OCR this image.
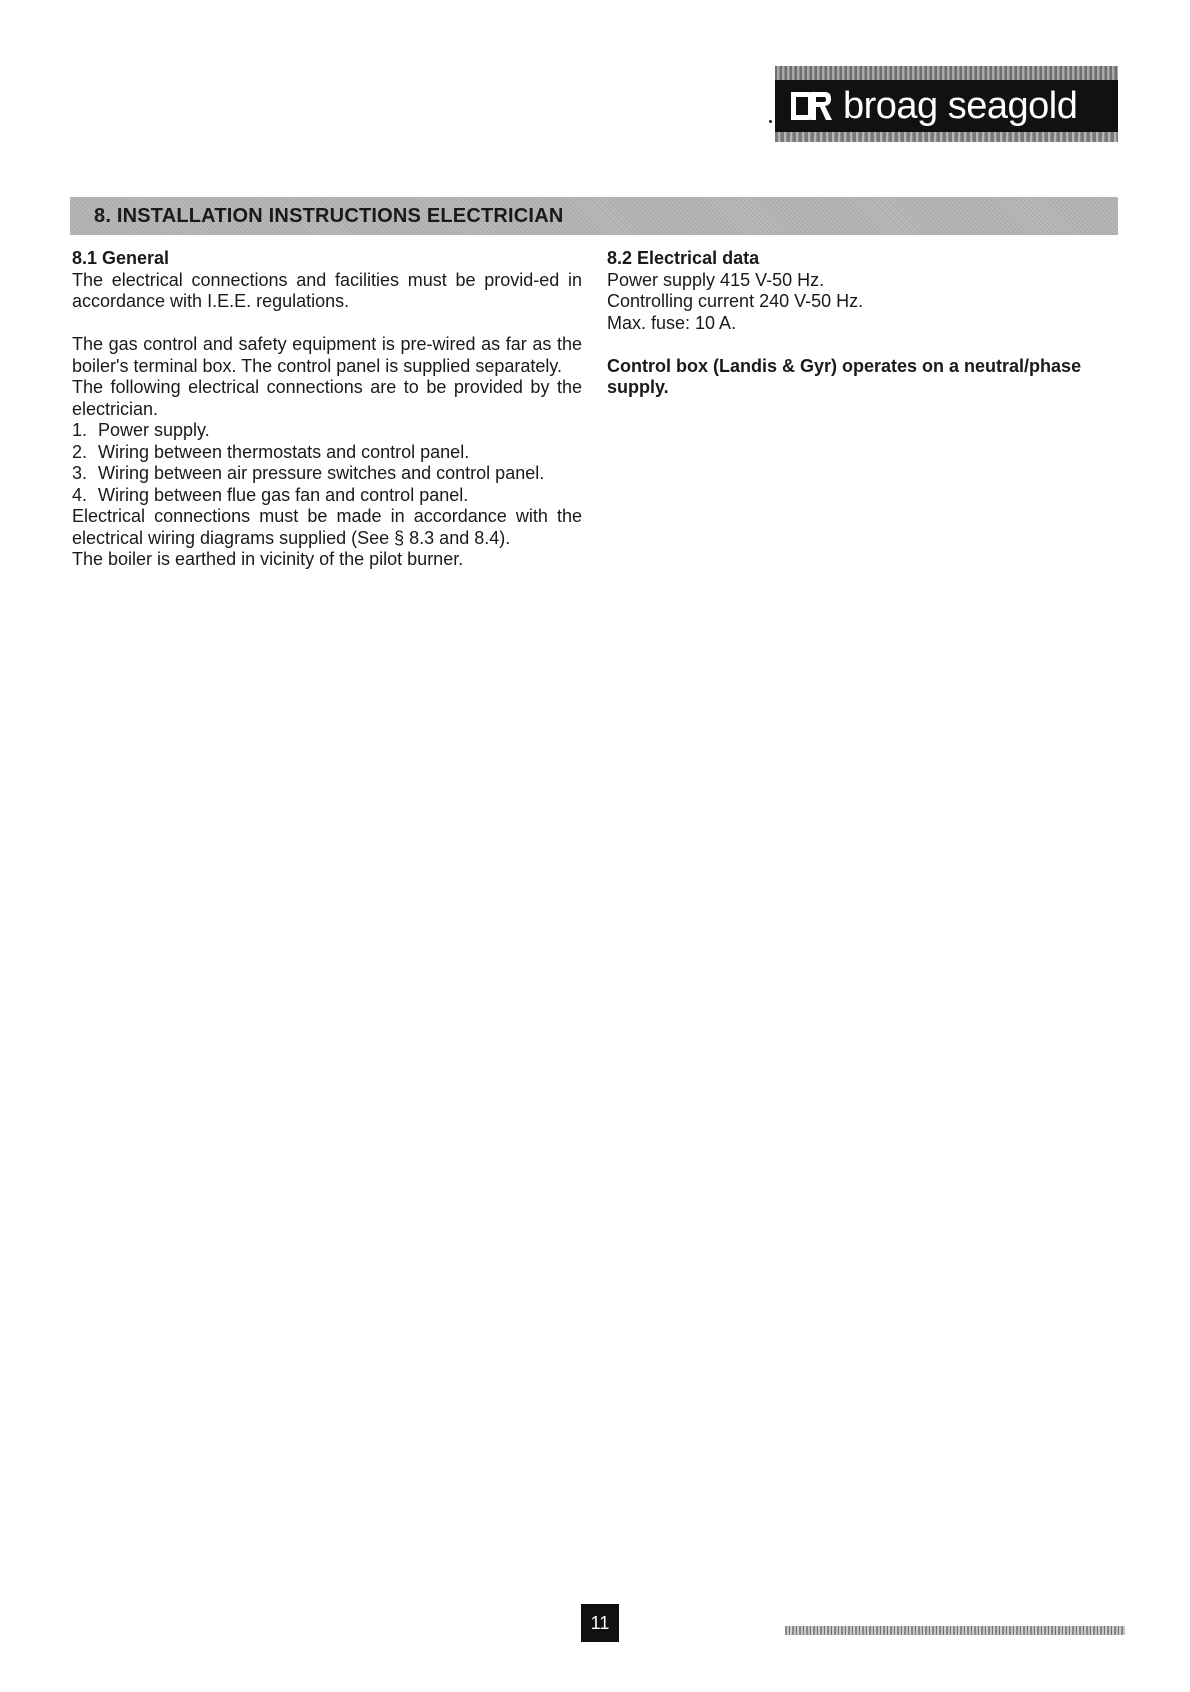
broag seagold
8. INSTALLATION INSTRUCTIONS ELECTRICIAN
8.1 General

The electrical connections and facilities must be provid-ed in accordance with I.E.E. regulations.

The gas control and safety equipment is pre-wired as far as the boiler's terminal box. The control panel is supplied separately.

The following electrical connections are to be provided by the electrician.

1. Power supply.
2. Wiring between thermostats and control panel.
3. Wiring between air pressure switches and control panel.
4. Wiring between flue gas fan and control panel.

Electrical connections must be made in accordance with the electrical wiring diagrams supplied (See § 8.3 and 8.4).

The boiler is earthed in vicinity of the pilot burner.

8.2 Electrical data

Power supply 415 V-50 Hz.

Controlling current 240 V-50 Hz.

Max. fuse: 10 A.

Control box (Landis & Gyr) operates on a neutral/phase supply.

11
